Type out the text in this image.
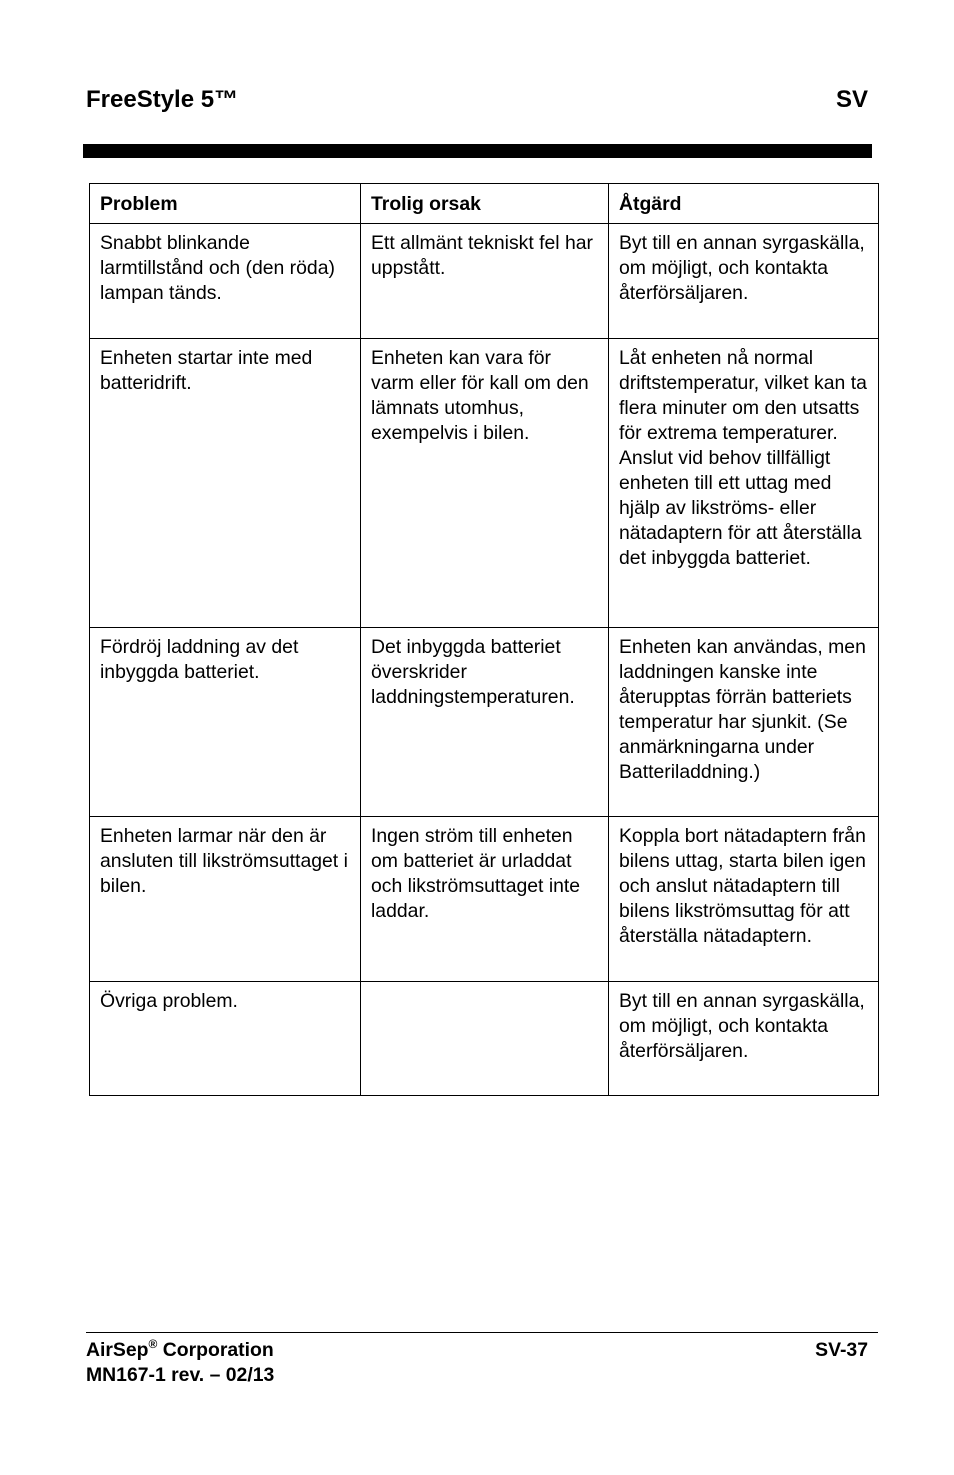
FreeStyle 5™	SV
Problem	Trolig orsak	Åtgärd
Snabbt blinkande larmtillstånd och (den röda) lampan tänds.	Ett allmänt tekniskt fel har uppstått.	Byt till en annan syrgaskälla, om möjligt, och kontakta återförsäljaren.
Enheten startar inte med batteridrift.	Enheten kan vara för varm eller för kall om den lämnats utomhus, exempelvis i bilen.	Låt enheten nå normal driftstemperatur, vilket kan ta flera minuter om den utsatts för extrema temperaturer. Anslut vid behov tillfälligt enheten till ett uttag med hjälp av likströms- eller nätadaptern för att återställa det inbyggda batteriet.
Fördröj laddning av det inbyggda batteriet.	Det inbyggda batteriet överskrider laddningstemperaturen.	Enheten kan användas, men laddningen kanske inte återupptas förrän batteriets temperatur har sjunkit. (Se anmärkningarna under Batteriladdning.)
Enheten larmar när den är ansluten till likströmsuttaget i bilen.	Ingen ström till enheten om batteriet är urladdat och likströmsuttaget inte laddar.	Koppla bort nätadaptern från bilens uttag, starta bilen igen och anslut nätadaptern till bilens likströmsuttag för att återställa nätadaptern.
Övriga problem.		Byt till en annan syrgaskälla, om möjligt, och kontakta återförsäljaren.
AirSep® Corporation
MN167-1 rev. – 02/13
SV-37
